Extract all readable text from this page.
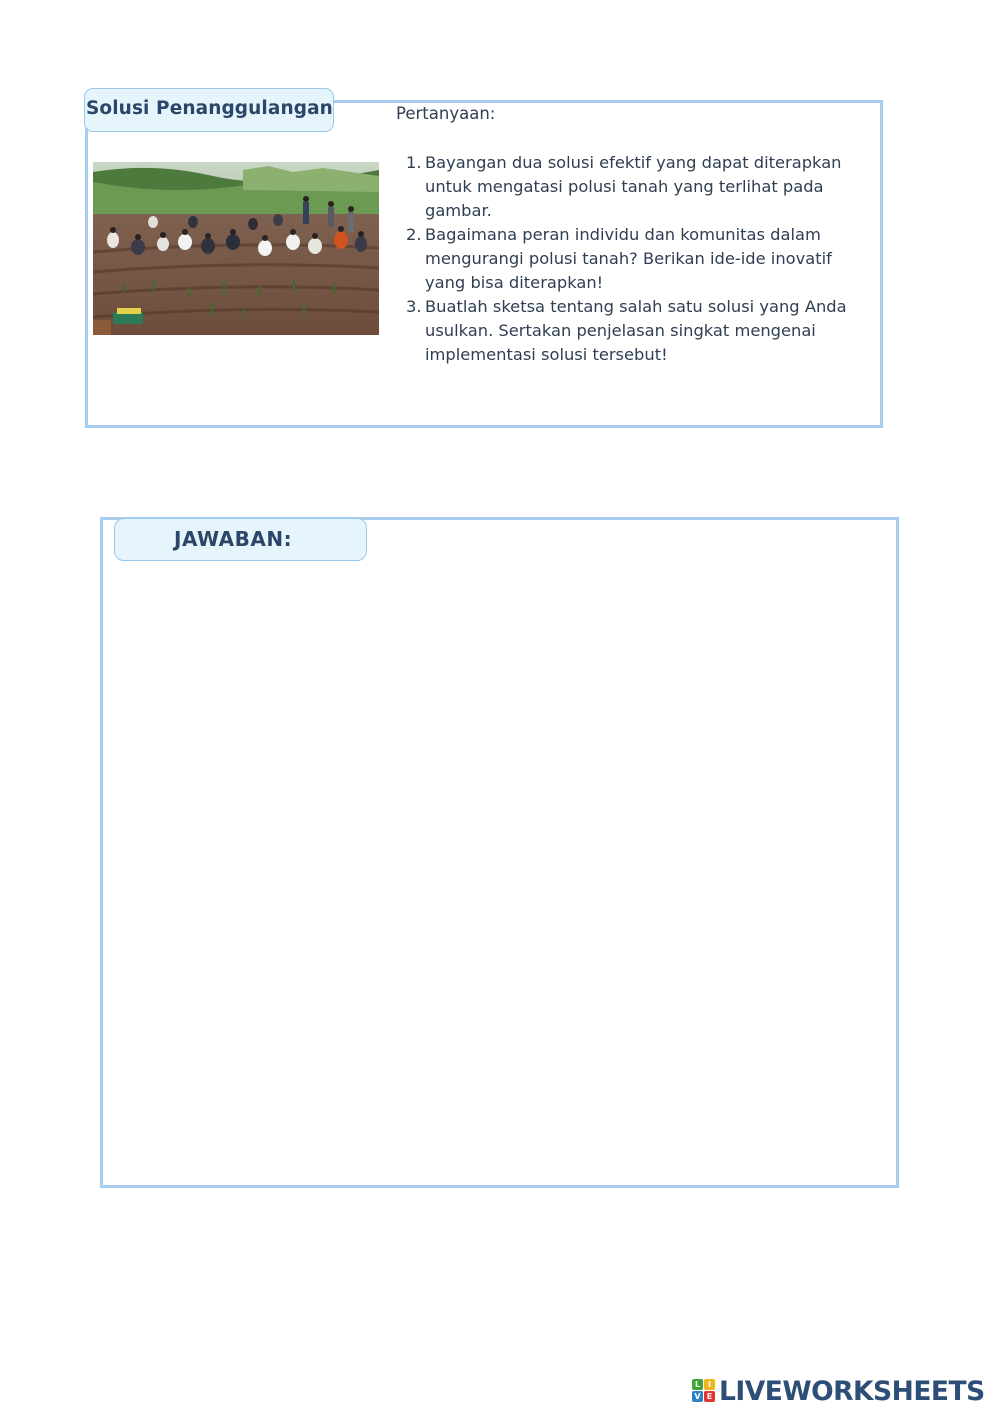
Solusi Penanggulangan	Pertanyaan:
1. Bayangan dua solusi efektif yang dapat diterapkan untuk mengatasi polusi tanah yang terlihat pada gambar.
2. Bagaimana peran individu dan komunitas dalam mengurangi polusi tanah? Berikan ide-ide inovatif yang bisa diterapkan!
3. Buatlah sketsa tentang salah satu solusi yang Anda usulkan. Sertakan penjelasan singkat mengenai implementasi solusi tersebut!
JAWABAN:
L I
V E LIVEWORKSHEETS
